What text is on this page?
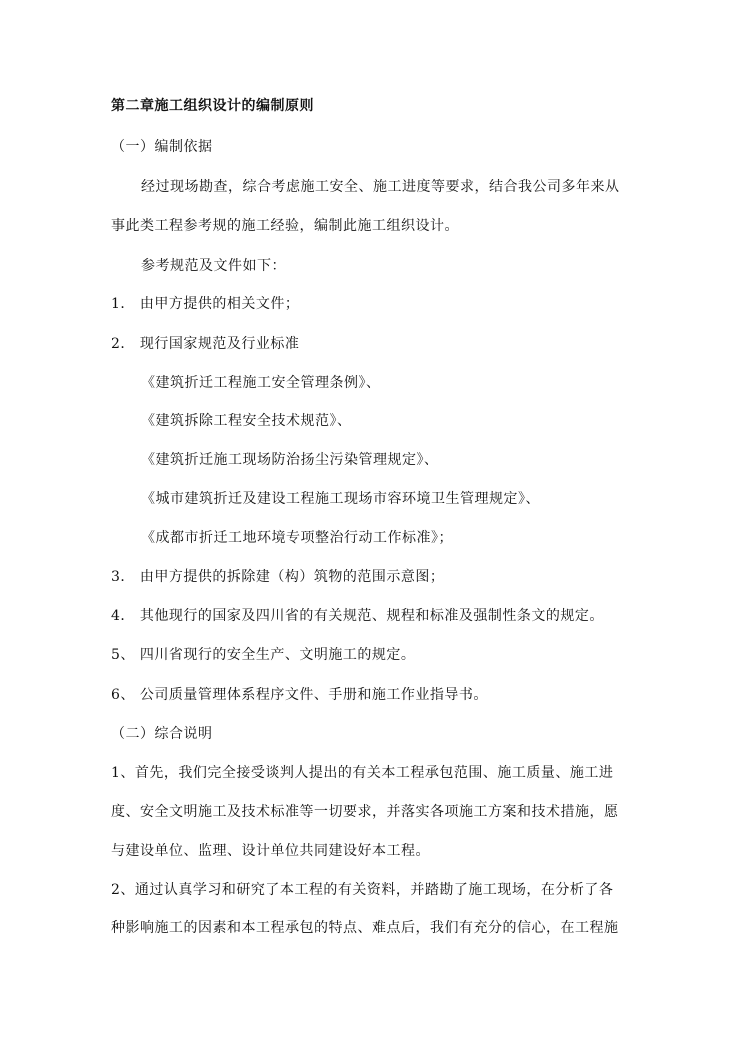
第二章施工组织设计的编制原则
（一）编制依据
经过现场勘查，综合考虑施工安全、施工进度等要求，结合我公司多年来从
事此类工程参考规的施工经验，编制此施工组织设计。
参考规范及文件如下：
1． 由甲方提供的相关文件；
2． 现行国家规范及行业标准
《建筑折迁工程施工安全管理条例》、
《建筑拆除工程安全技术规范》、
《建筑折迁施工现场防治扬尘污染管理规定》、
《城市建筑折迁及建设工程施工现场市容环境卫生管理规定》、
《成都市折迁工地环境专项整治行动工作标准》；
3． 由甲方提供的拆除建（构）筑物的范围示意图；
4． 其他现行的国家及四川省的有关规范、规程和标准及强制性条文的规定。
5、 四川省现行的安全生产、文明施工的规定。
6、 公司质量管理体系程序文件、手册和施工作业指导书。
（二）综合说明
1、首先，我们完全接受谈判人提出的有关本工程承包范围、施工质量、施工进
度、安全文明施工及技术标准等一切要求，并落实各项施工方案和技术措施，愿
与建设单位、监理、设计单位共同建设好本工程。
2、通过认真学习和研究了本工程的有关资料，并踏勘了施工现场，在分析了各
种影响施工的因素和本工程承包的特点、难点后，我们有充分的信心，在工程施
